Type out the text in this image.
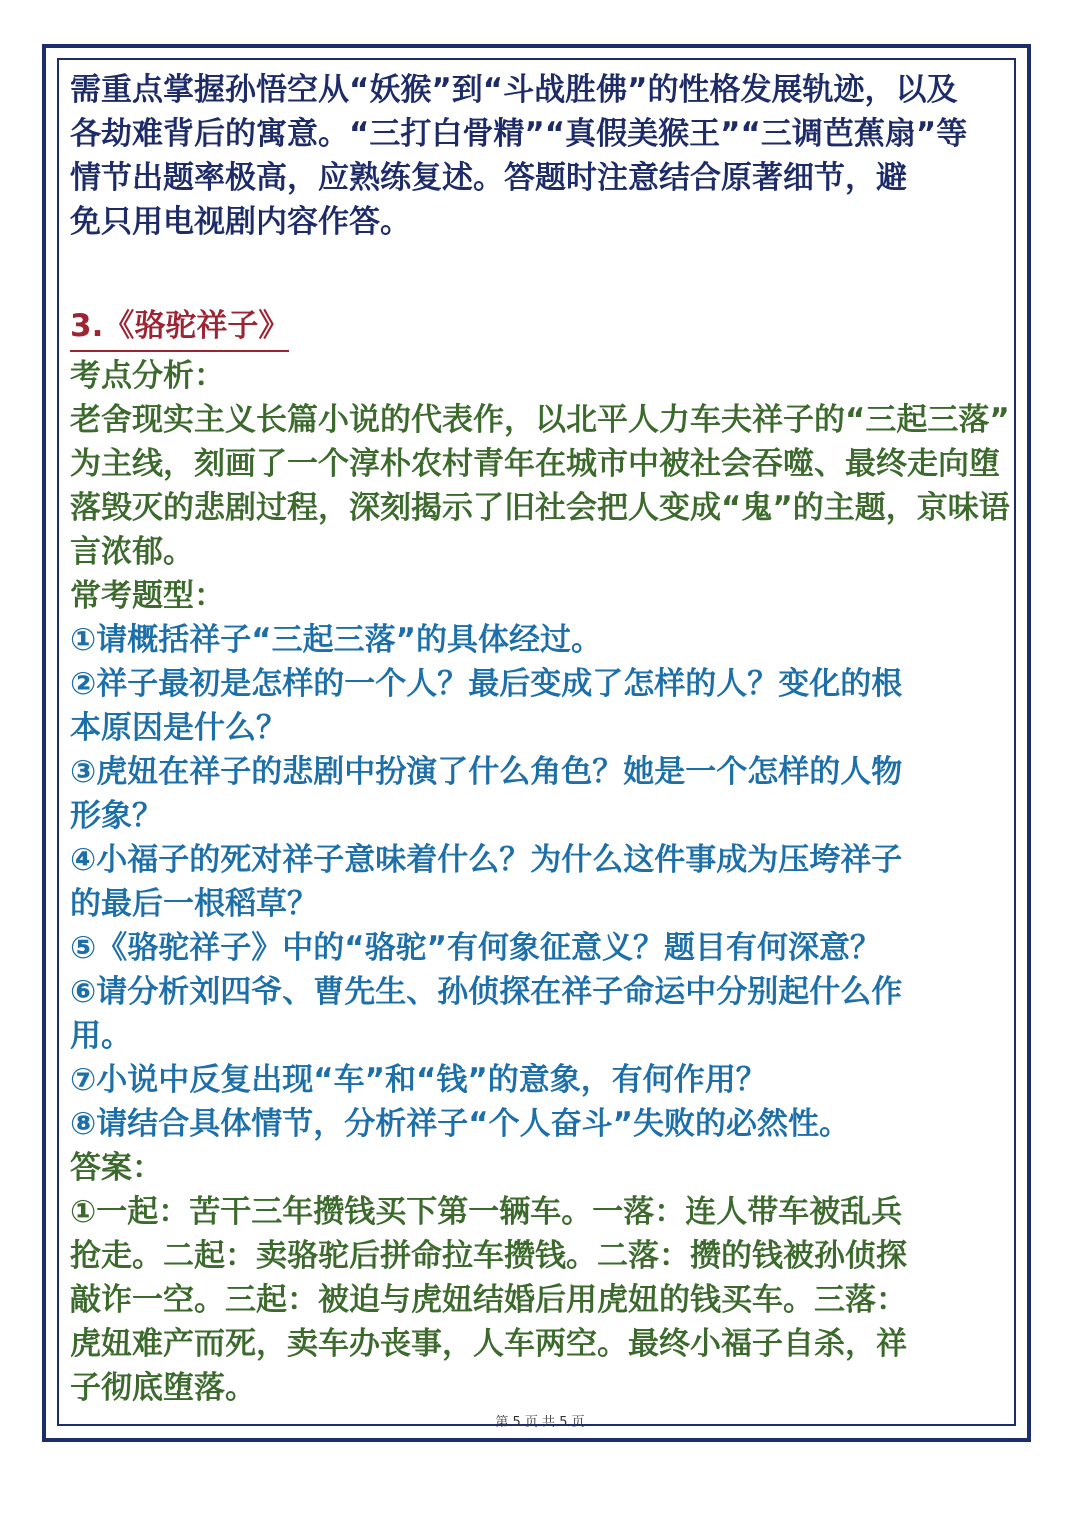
需重点掌握孙悟空从“妖猴”到“斗战胜佛”的性格发展轨迹，以及
各劫难背后的寓意。“三打白骨精”“真假美猴王”“三调芭蕉扇”等
情节出题率极高，应熟练复述。答题时注意结合原著细节，避
免只用电视剧内容作答。
3.《骆驼祥子》
考点分析：
老舍现实主义长篇小说的代表作，以北平人力车夫祥子的“三起三落”
为主线，刻画了一个淳朴农村青年在城市中被社会吞噬、最终走向堕
落毁灭的悲剧过程，深刻揭示了旧社会把人变成“鬼”的主题，京味语
言浓郁。
常考题型：
①请概括祥子“三起三落”的具体经过。
②祥子最初是怎样的一个人？最后变成了怎样的人？变化的根
本原因是什么？
③虎妞在祥子的悲剧中扮演了什么角色？她是一个怎样的人物
形象？
④小福子的死对祥子意味着什么？为什么这件事成为压垮祥子
的最后一根稻草？
⑤《骆驼祥子》中的“骆驼”有何象征意义？题目有何深意？
⑥请分析刘四爷、曹先生、孙侦探在祥子命运中分别起什么作
用。
⑦小说中反复出现“车”和“钱”的意象，有何作用？
⑧请结合具体情节，分析祥子“个人奋斗”失败的必然性。
答案：
①一起：苦干三年攒钱买下第一辆车。一落：连人带车被乱兵
抢走。二起：卖骆驼后拼命拉车攒钱。二落：攒的钱被孙侦探
敲诈一空。三起：被迫与虎妞结婚后用虎妞的钱买车。三落：
虎妞难产而死，卖车办丧事，人车两空。最终小福子自杀，祥
子彻底堕落。
第 5 页 共 5 页
